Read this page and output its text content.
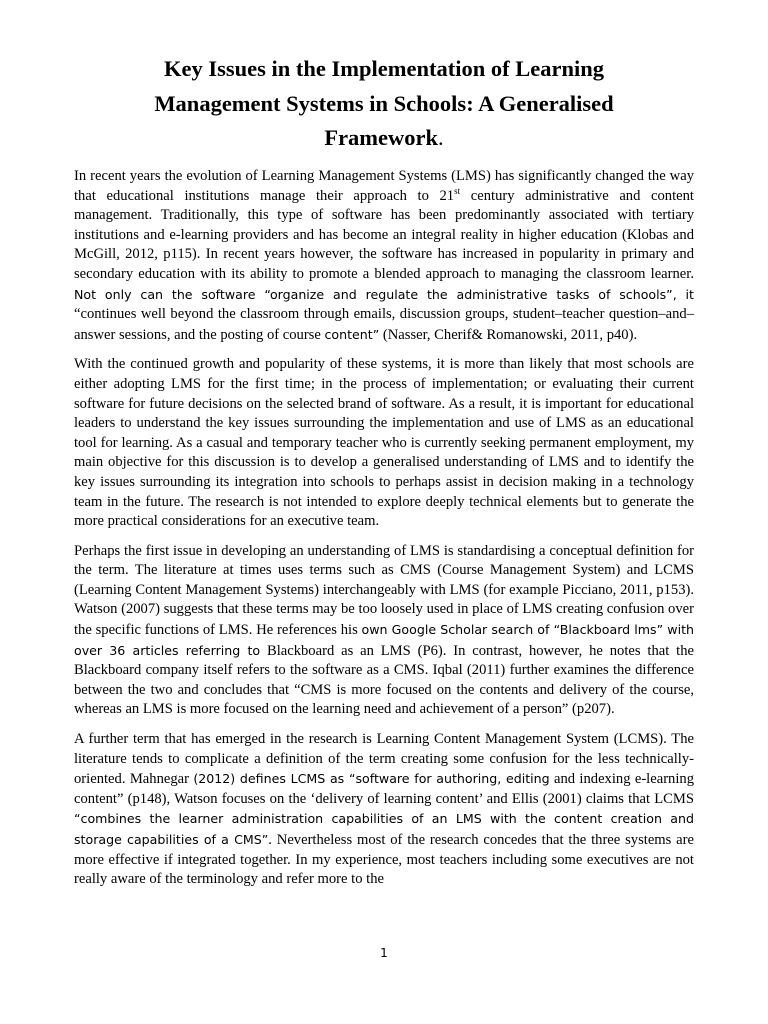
Key Issues in the Implementation of Learning
Management Systems in Schools: A Generalised
Framework.

In recent years the evolution of Learning Management Systems (LMS) has significantly changed the way that educational institutions manage their approach to 21st century administrative and content management. Traditionally, this type of software has been predominantly associated with tertiary institutions and e-learning providers and has become an integral reality in higher education (Klobas and McGill, 2012, p115). In recent years however, the software has increased in popularity in primary and secondary education with its ability to promote a blended approach to managing the classroom learner. Not only can the software “organize and regulate the administrative tasks of schools”, it “continues well beyond the classroom through emails, discussion groups, student–teacher question–and–answer sessions, and the posting of course content” (Nasser, Cherif& Romanowski, 2011, p40).

With the continued growth and popularity of these systems, it is more than likely that most schools are either adopting LMS for the first time; in the process of implementation; or evaluating their current software for future decisions on the selected brand of software. As a result, it is important for educational leaders to understand the key issues surrounding the implementation and use of LMS as an educational tool for learning. As a casual and temporary teacher who is currently seeking permanent employment, my main objective for this discussion is to develop a generalised understanding of LMS and to identify the key issues surrounding its integration into schools to perhaps assist in decision making in a technology team in the future. The research is not intended to explore deeply technical elements but to generate the more practical considerations for an executive team.

Perhaps the first issue in developing an understanding of LMS is standardising a conceptual definition for the term. The literature at times uses terms such as CMS (Course Management System) and LCMS (Learning Content Management Systems) interchangeably with LMS (for example Picciano, 2011, p153). Watson (2007) suggests that these terms may be too loosely used in place of LMS creating confusion over the specific functions of LMS. He references his own Google Scholar search of “Blackboard lms” with over 36 articles referring to Blackboard as an LMS (P6). In contrast, however, he notes that the Blackboard company itself refers to the software as a CMS. Iqbal (2011) further examines the difference between the two and concludes that “CMS is more focused on the contents and delivery of the course, whereas an LMS is more focused on the learning need and achievement of a person” (p207).

A further term that has emerged in the research is Learning Content Management System (LCMS). The literature tends to complicate a definition of the term creating some confusion for the less technically-oriented. Mahnegar (2012) defines LCMS as “software for authoring, editing and indexing e-learning content” (p148), Watson focuses on the ‘delivery of learning content’ and Ellis (2001) claims that LCMS “combines the learner administration capabilities of an LMS with the content creation and storage capabilities of a CMS”. Nevertheless most of the research concedes that the three systems are more effective if integrated together. In my experience, most teachers including some executives are not really aware of the terminology and refer more to the

1
